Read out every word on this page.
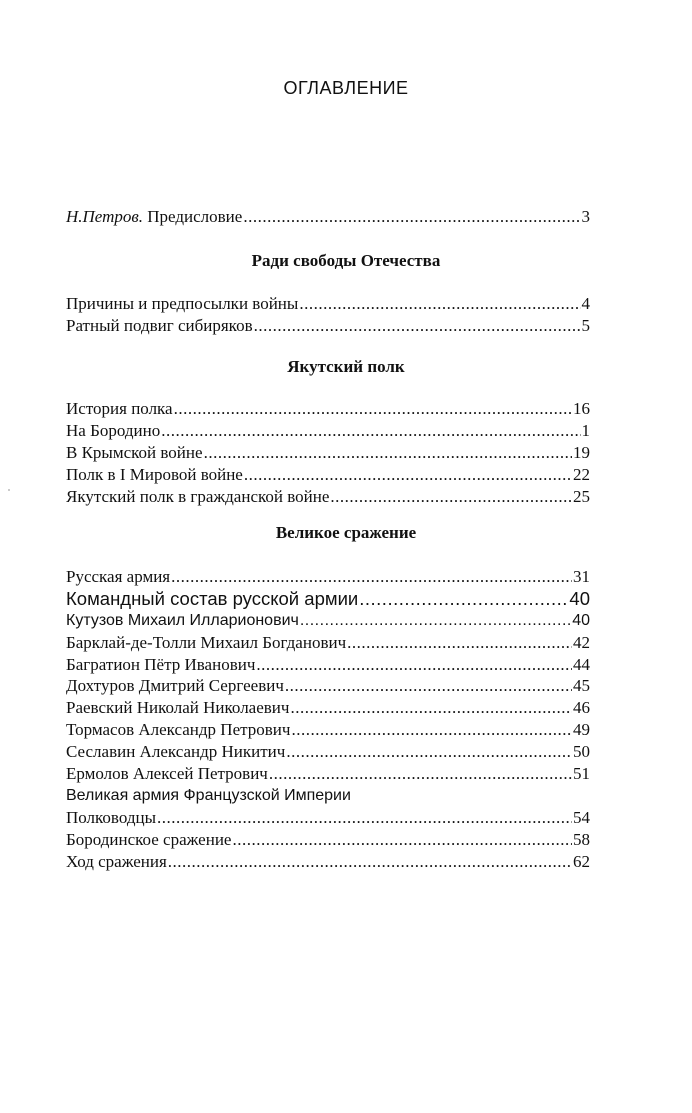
ОГЛАВЛЕНИЕ
Н.Петров. Предисловие .....	3
Ради свободы Отечества
Причины и предпосылки войны .....	4
Ратный подвиг сибиряков .....	5
Якутский полк
История полка .....	16
На Бородино .....	1
В Крымской войне .....	19
Полк в I Мировой войне .....	22
Якутский полк в гражданской войне .....	25
Великое сражение
Русская армия .....	31
Командный состав русской армии .....	40
Кутузов Михаил Илларионович .....	40
Барклай-де-Толли Михаил Богданович .....	42
Багратион Пётр Иванович .....	44
Дохтуров Дмитрий Сергеевич .....	45
Раевский Николай Николаевич .....	46
Тормасов Александр Петрович .....	49
Сеславин Александр Никитич .....	50
Ермолов Алексей Петрович .....	51
Великая армия Французской Империи
Полководцы .....	54
Бородинское сражение .....	58
Ход сражения .....	62
